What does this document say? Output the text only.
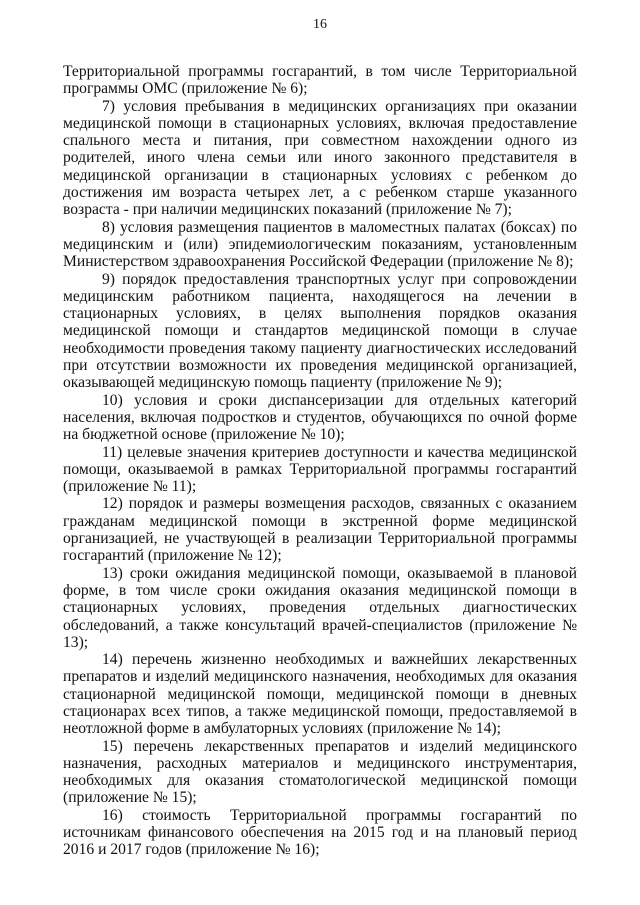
16

Территориальной программы госгарантий, в том числе Территориальной программы ОМС (приложение № 6);

7) условия пребывания в медицинских организациях при оказании медицинской помощи в стационарных условиях, включая предоставление спального места и питания, при совместном нахождении одного из родителей, иного члена семьи или иного законного представителя в медицинской организации в стационарных условиях с ребенком до достижения им возраста четырех лет, а с ребенком старше указанного возраста - при наличии медицинских показаний (приложение № 7);

8) условия размещения пациентов в маломестных палатах (боксах) по медицинским и (или) эпидемиологическим показаниям, установленным Министерством здравоохранения Российской Федерации (приложение № 8);

9) порядок предоставления транспортных услуг при сопровождении медицинским работником пациента, находящегося на лечении в стационарных условиях, в целях выполнения порядков оказания медицинской помощи и стандартов медицинской помощи в случае необходимости проведения такому пациенту диагностических исследований при отсутствии возможности их проведения медицинской организацией, оказывающей медицинскую помощь пациенту (приложение № 9);

10) условия и сроки диспансеризации для отдельных категорий населения, включая подростков и студентов, обучающихся по очной форме на бюджетной основе (приложение № 10);

11) целевые значения критериев доступности и качества медицинской помощи, оказываемой в рамках Территориальной программы госгарантий (приложение № 11);

12) порядок и размеры возмещения расходов, связанных с оказанием гражданам медицинской помощи в экстренной форме медицинской организацией, не участвующей в реализации Территориальной программы госгарантий (приложение № 12);

13) сроки ожидания медицинской помощи, оказываемой в плановой форме, в том числе сроки ожидания оказания медицинской помощи в стационарных условиях, проведения отдельных диагностических обследований, а также консультаций врачей-специалистов (приложение № 13);

14) перечень жизненно необходимых и важнейших лекарственных препаратов и изделий медицинского назначения, необходимых для оказания стационарной медицинской помощи, медицинской помощи в дневных стационарах всех типов, а также медицинской помощи, предоставляемой в неотложной форме в амбулаторных условиях (приложение № 14);

15) перечень лекарственных препаратов и изделий медицинского назначения, расходных материалов и медицинского инструментария, необходимых для оказания стоматологической медицинской помощи (приложение № 15);

16) стоимость Территориальной программы госгарантий по источникам финансового обеспечения на 2015 год и на плановый период 2016 и 2017 годов (приложение № 16);
